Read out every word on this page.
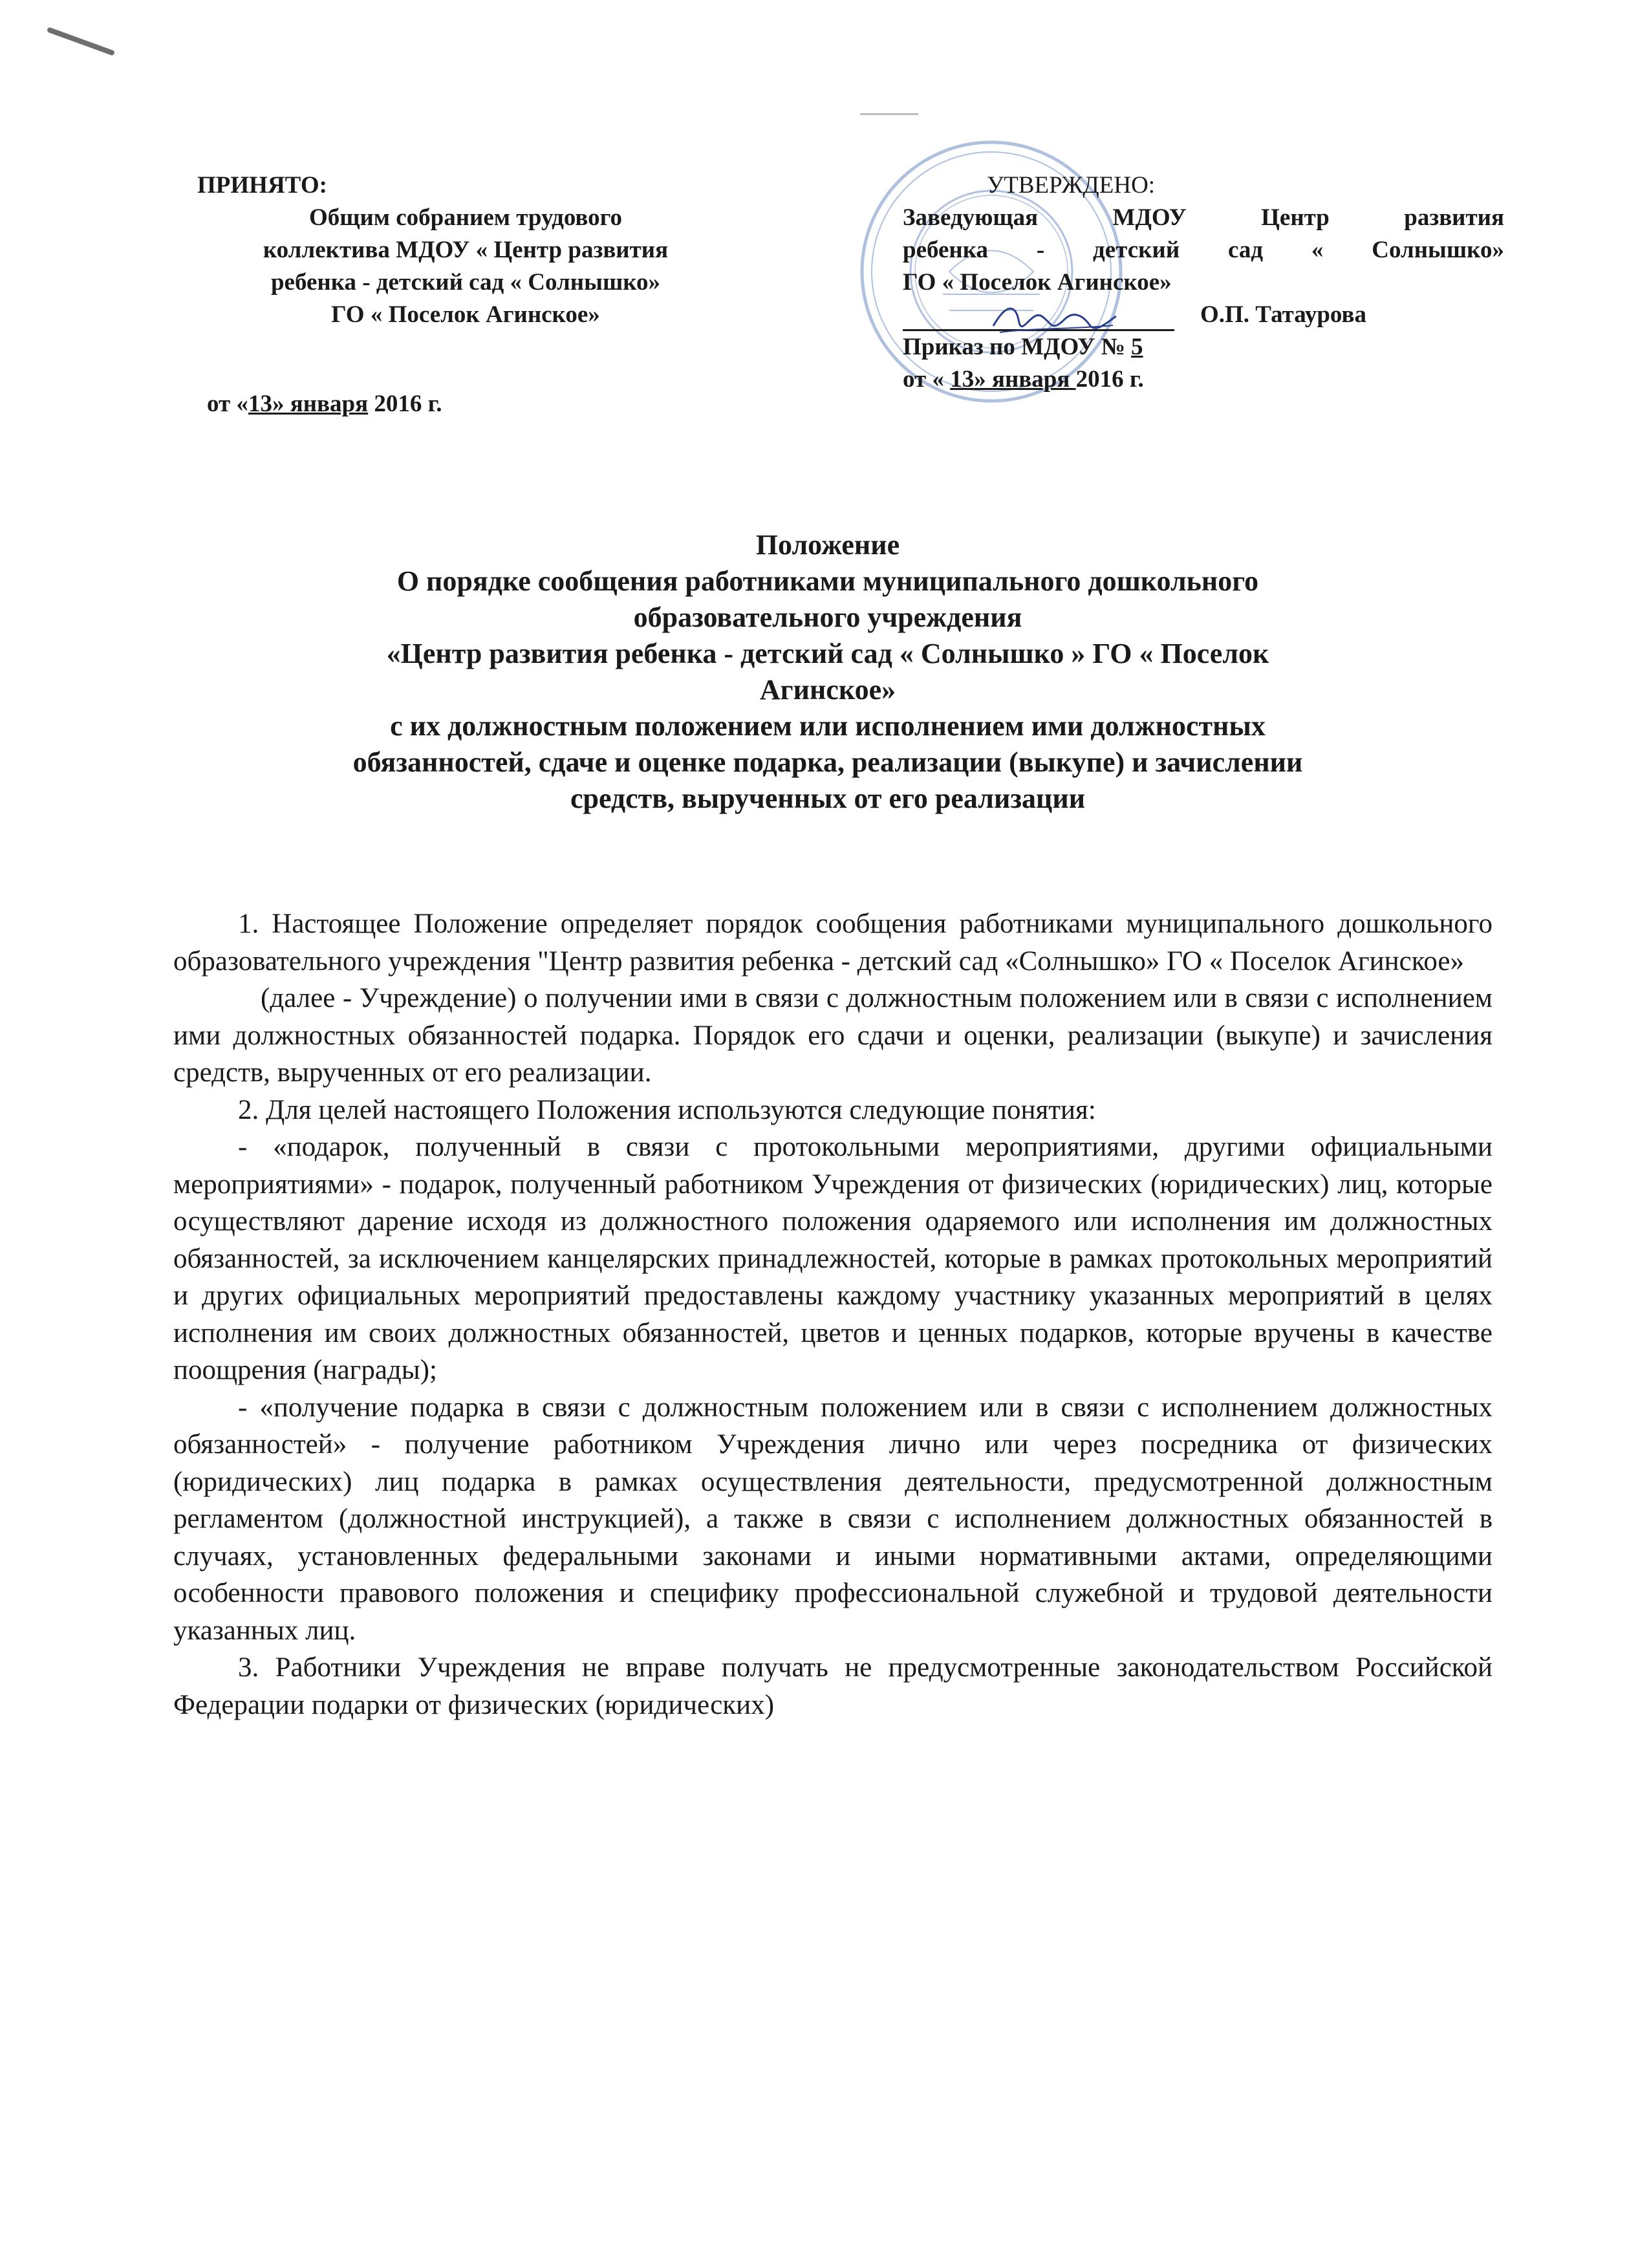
ПРИНЯТО:
Общим собранием трудового
коллектива МДОУ « Центр развития
ребенка - детский сад « Солнышко»
ГО « Поселок Агинское»
от «13» января 2016 г.
УТВЕРЖДЕНО:
Заведующая МДОУ Центр развития
ребенка - детский сад « Солнышко»
ГО « Поселок Агинское»
О.П. Татаурова
Приказ по МДОУ № 5
от « 13» января 2016 г.
Положение
О порядке сообщения работниками муниципального дошкольного
образовательного учреждения
«Центр развития ребенка - детский сад « Солнышко » ГО « Поселок
Агинское»
с их должностным положением или исполнением ими должностных
обязанностей, сдаче и оценке подарка, реализации (выкупе) и зачислении
средств, вырученных от его реализации

1. Настоящее Положение определяет порядок сообщения работниками муниципального дошкольного образовательного учреждения "Центр развития ребенка - детский сад «Солнышко» ГО « Поселок Агинское»

(далее - Учреждение) о получении ими в связи с должностным положением или в связи с исполнением ими должностных обязанностей подарка. Порядок его сдачи и оценки, реализации (выкупе) и зачисления средств, вырученных от его реализации.

2. Для целей настоящего Положения используются следующие понятия:

- «подарок, полученный в связи с протокольными мероприятиями, другими официальными мероприятиями» - подарок, полученный работником Учреждения от физических (юридических) лиц, которые осуществляют дарение исходя из должностного положения одаряемого или исполнения им должностных обязанностей, за исключением канцелярских принадлежностей, которые в рамках протокольных мероприятий и других официальных мероприятий предоставлены каждому участнику указанных мероприятий в целях исполнения им своих должностных обязанностей, цветов и ценных подарков, которые вручены в качестве поощрения (награды);

- «получение подарка в связи с должностным положением или в связи с исполнением должностных обязанностей» - получение работником Учреждения лично или через посредника от физических (юридических) лиц подарка в рамках осуществления деятельности, предусмотренной должностным регламентом (должностной инструкцией), а также в связи с исполнением должностных обязанностей в случаях, установленных федеральными законами и иными нормативными актами, определяющими особенности правового положения и специфику профессиональной служебной и трудовой деятельности указанных лиц.

3. Работники Учреждения не вправе получать не предусмотренные законодательством Российской Федерации подарки от физических (юридических)
